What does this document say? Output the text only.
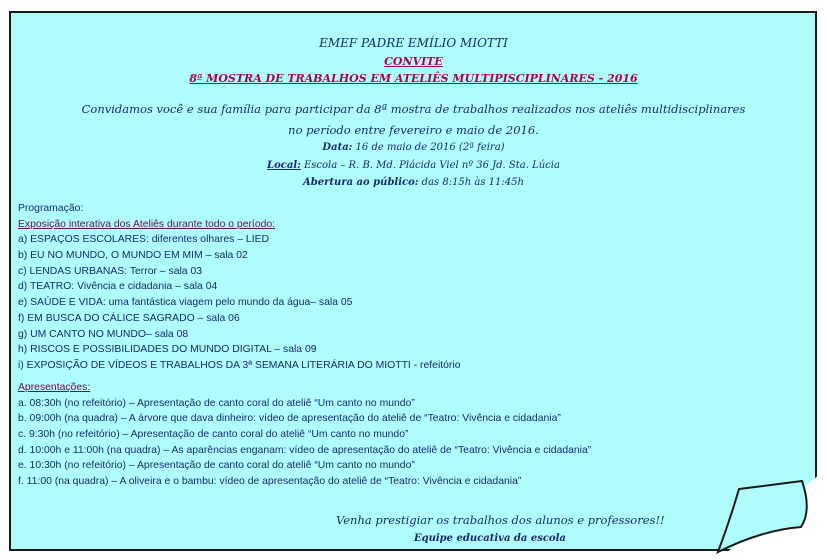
EMEF PADRE EMÍLIO MIOTTI
CONVITE
8ª MOSTRA DE TRABALHOS EM ATELIÊS MULTIPISCIPLINARES - 2016
Convidamos você e sua família para participar da 8ª mostra de trabalhos realizados nos ateliês multidisciplinares
no período entre fevereiro e maio de 2016.
Data: 16 de maio de 2016 (2ª feira)
Local: Escola – R. B. Md. Plácida Viel nº 36 Jd. Sta. Lúcia
Abertura ao público: das 8:15h às 11:45h
Programação:
Exposição interativa dos Ateliês durante todo o período:
a) ESPAÇOS ESCOLARES: diferentes olhares – LIED
b) EU NO MUNDO, O MUNDO EM MIM – sala 02
c) LENDAS URBANAS: Terror – sala 03
d) TEATRO: Vivência e cidadania – sala 04
e) SAÚDE E VIDA: uma fantástica viagem pelo mundo da água– sala 05
f) EM BUSCA DO CÁLICE SAGRADO – sala 06
g) UM CANTO NO MUNDO– sala 08
h) RISCOS E POSSIBILIDADES DO MUNDO DIGITAL – sala 09
i) EXPOSIÇÃO DE VÍDEOS E TRABALHOS DA 3ª SEMANA LITERÁRIA DO MIOTTI - refeitório
Apresentações:
a. 08:30h (no refeitório) – Apresentação de canto coral do ateliê “Um canto no mundo”
b. 09:00h (na quadra) – A árvore que dava dinheiro: vídeo de apresentação do ateliê de “Teatro: Vivência e cidadania”
c. 9:30h (no refeitório) – Apresentação de canto coral do ateliê “Um canto no mundo”
d. 10:00h e 11:00h (na quadra) – As aparências enganam: vídeo de apresentação do ateliê de “Teatro: Vivência e cidadania”
e. 10:30h (no refeitório) – Apresentação de canto coral do ateliê “Um canto no mundo”
f. 11:00 (na quadra) – A oliveira e o bambu: vídeo de apresentação do ateliê de “Teatro: Vivência e cidadania”
Venha prestigiar os trabalhos dos alunos e professores!!
Equipe educativa da escola
